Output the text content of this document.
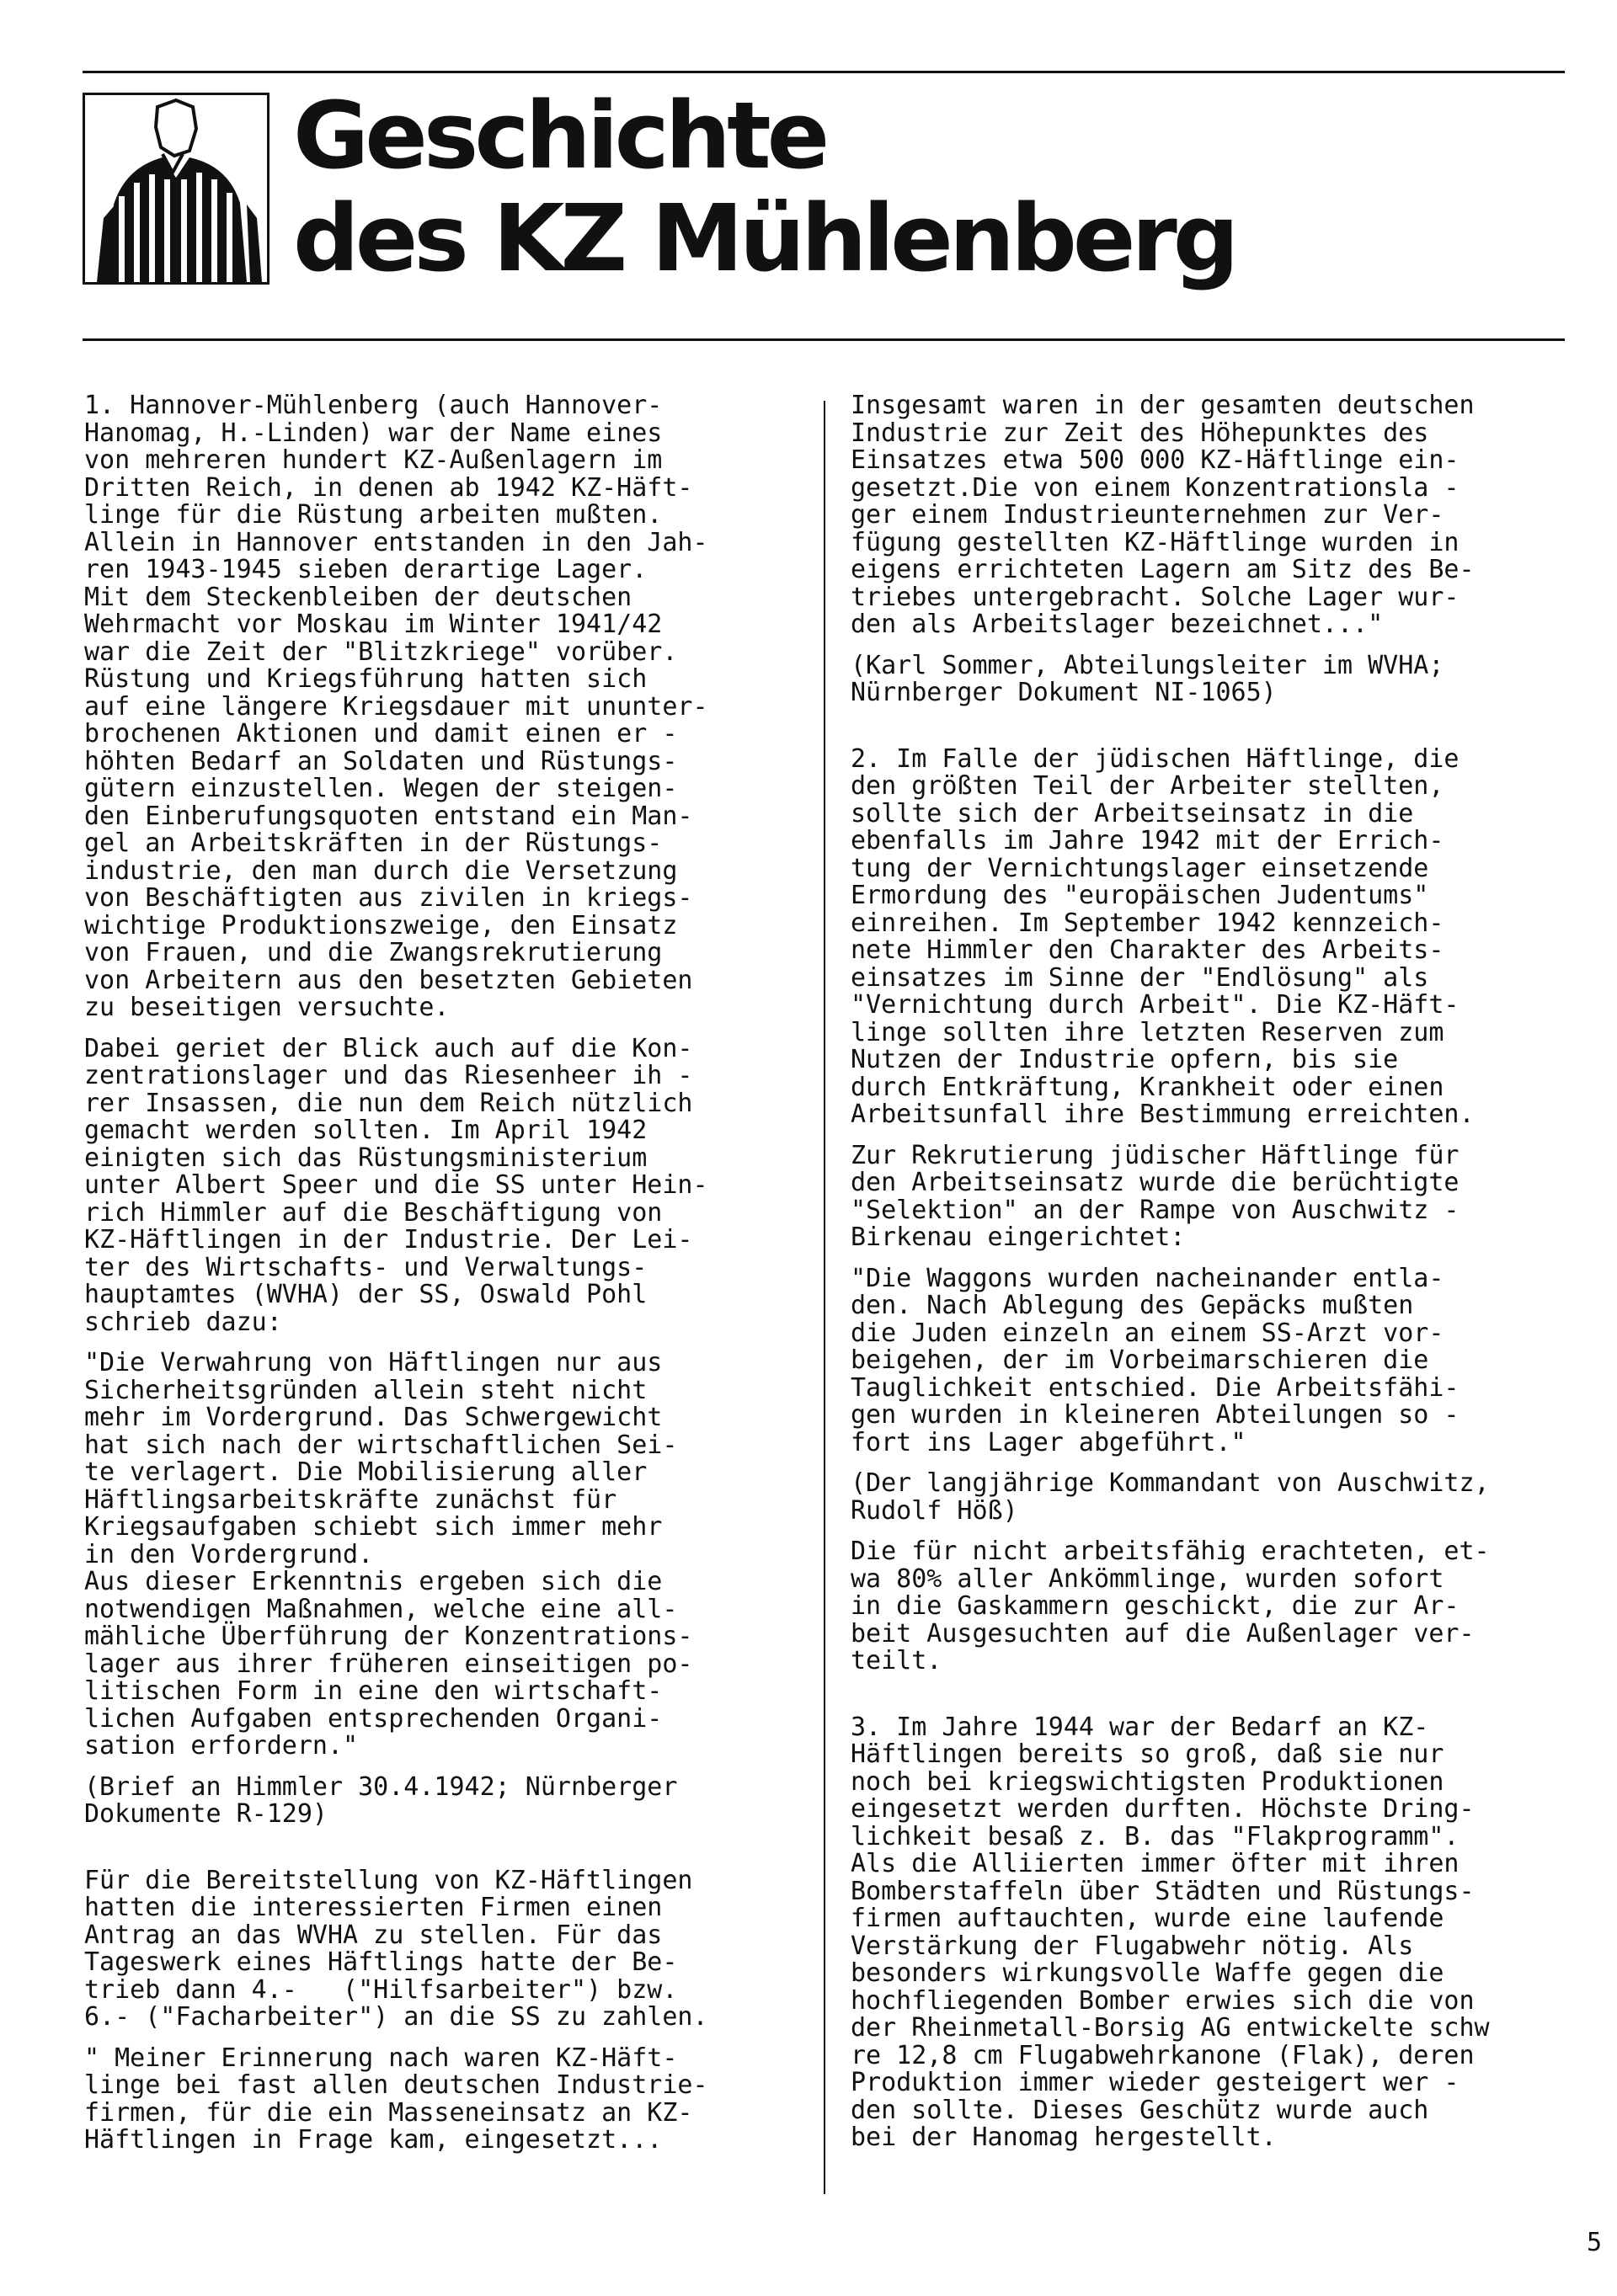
Geschichte
des KZ Mühlenberg

1. Hannover-Mühlenberg (auch Hannover-
Hanomag, H.-Linden) war der Name eines
von mehreren hundert KZ-Außenlagern im
Dritten Reich, in denen ab 1942 KZ-Häft-
linge für die Rüstung arbeiten mußten.
Allein in Hannover entstanden in den Jah-
ren 1943-1945 sieben derartige Lager.
Mit dem Steckenbleiben der deutschen
Wehrmacht vor Moskau im Winter 1941/42
war die Zeit der "Blitzkriege" vorüber.
Rüstung und Kriegsführung hatten sich
auf eine längere Kriegsdauer mit ununter-
brochenen Aktionen und damit einen er -
höhten Bedarf an Soldaten und Rüstungs-
gütern einzustellen. Wegen der steigen-
den Einberufungsquoten entstand ein Man-
gel an Arbeitskräften in der Rüstungs-
industrie, den man durch die Versetzung
von Beschäftigten aus zivilen in kriegs-
wichtige Produktionszweige, den Einsatz
von Frauen, und die Zwangsrekrutierung
von Arbeitern aus den besetzten Gebieten
zu beseitigen versuchte.

Dabei geriet der Blick auch auf die Kon-
zentrationslager und das Riesenheer ih -
rer Insassen, die nun dem Reich nützlich
gemacht werden sollten. Im April 1942
einigten sich das Rüstungsministerium
unter Albert Speer und die SS unter Hein-
rich Himmler auf die Beschäftigung von
KZ-Häftlingen in der Industrie. Der Lei-
ter des Wirtschafts- und Verwaltungs-
hauptamtes (WVHA) der SS, Oswald Pohl
schrieb dazu:

"Die Verwahrung von Häftlingen nur aus
Sicherheitsgründen allein steht nicht
mehr im Vordergrund. Das Schwergewicht
hat sich nach der wirtschaftlichen Sei-
te verlagert. Die Mobilisierung aller
Häftlingsarbeitskräfte zunächst für
Kriegsaufgaben schiebt sich immer mehr
in den Vordergrund.
Aus dieser Erkenntnis ergeben sich die
notwendigen Maßnahmen, welche eine all-
mähliche Überführung der Konzentrations-
lager aus ihrer früheren einseitigen po-
litischen Form in eine den wirtschaft-
lichen Aufgaben entsprechenden Organi-
sation erfordern."

(Brief an Himmler 30.4.1942; Nürnberger
Dokumente R-129)

Für die Bereitstellung von KZ-Häftlingen
hatten die interessierten Firmen einen
Antrag an das WVHA zu stellen. Für das
Tageswerk eines Häftlings hatte der Be-
trieb dann 4.-   ("Hilfsarbeiter") bzw.
6.- ("Facharbeiter") an die SS zu zahlen.

" Meiner Erinnerung nach waren KZ-Häft-
linge bei fast allen deutschen Industrie-
firmen, für die ein Masseneinsatz an KZ-
Häftlingen in Frage kam, eingesetzt...

Insgesamt waren in der gesamten deutschen
Industrie zur Zeit des Höhepunktes des
Einsatzes etwa 500 000 KZ-Häftlinge ein-
gesetzt.Die von einem Konzentrationsla -
ger einem Industrieunternehmen zur Ver-
fügung gestellten KZ-Häftlinge wurden in
eigens errichteten Lagern am Sitz des Be-
triebes untergebracht. Solche Lager wur-
den als Arbeitslager bezeichnet..."

(Karl Sommer, Abteilungsleiter im WVHA;
Nürnberger Dokument NI-1065)

2. Im Falle der jüdischen Häftlinge, die
den größten Teil der Arbeiter stellten,
sollte sich der Arbeitseinsatz in die
ebenfalls im Jahre 1942 mit der Errich-
tung der Vernichtungslager einsetzende
Ermordung des "europäischen Judentums"
einreihen. Im September 1942 kennzeich-
nete Himmler den Charakter des Arbeits-
einsatzes im Sinne der "Endlösung" als
"Vernichtung durch Arbeit". Die KZ-Häft-
linge sollten ihre letzten Reserven zum
Nutzen der Industrie opfern, bis sie
durch Entkräftung, Krankheit oder einen
Arbeitsunfall ihre Bestimmung erreichten.

Zur Rekrutierung jüdischer Häftlinge für
den Arbeitseinsatz wurde die berüchtigte
"Selektion" an der Rampe von Auschwitz -
Birkenau eingerichtet:

"Die Waggons wurden nacheinander entla-
den. Nach Ablegung des Gepäcks mußten
die Juden einzeln an einem SS-Arzt vor-
beigehen, der im Vorbeimarschieren die
Tauglichkeit entschied. Die Arbeitsfähi-
gen wurden in kleineren Abteilungen so -
fort ins Lager abgeführt."

(Der langjährige Kommandant von Auschwitz,
Rudolf Höß)

Die für nicht arbeitsfähig erachteten, et-
wa 80% aller Ankömmlinge, wurden sofort
in die Gaskammern geschickt, die zur Ar-
beit Ausgesuchten auf die Außenlager ver-
teilt.

3. Im Jahre 1944 war der Bedarf an KZ-
Häftlingen bereits so groß, daß sie nur
noch bei kriegswichtigsten Produktionen
eingesetzt werden durften. Höchste Dring-
lichkeit besaß z. B. das "Flakprogramm".
Als die Alliierten immer öfter mit ihren
Bomberstaffeln über Städten und Rüstungs-
firmen auftauchten, wurde eine laufende
Verstärkung der Flugabwehr nötig. Als
besonders wirkungsvolle Waffe gegen die
hochfliegenden Bomber erwies sich die von
der Rheinmetall-Borsig AG entwickelte schw
re 12,8 cm Flugabwehrkanone (Flak), deren
Produktion immer wieder gesteigert wer -
den sollte. Dieses Geschütz wurde auch
bei der Hanomag hergestellt.

5
